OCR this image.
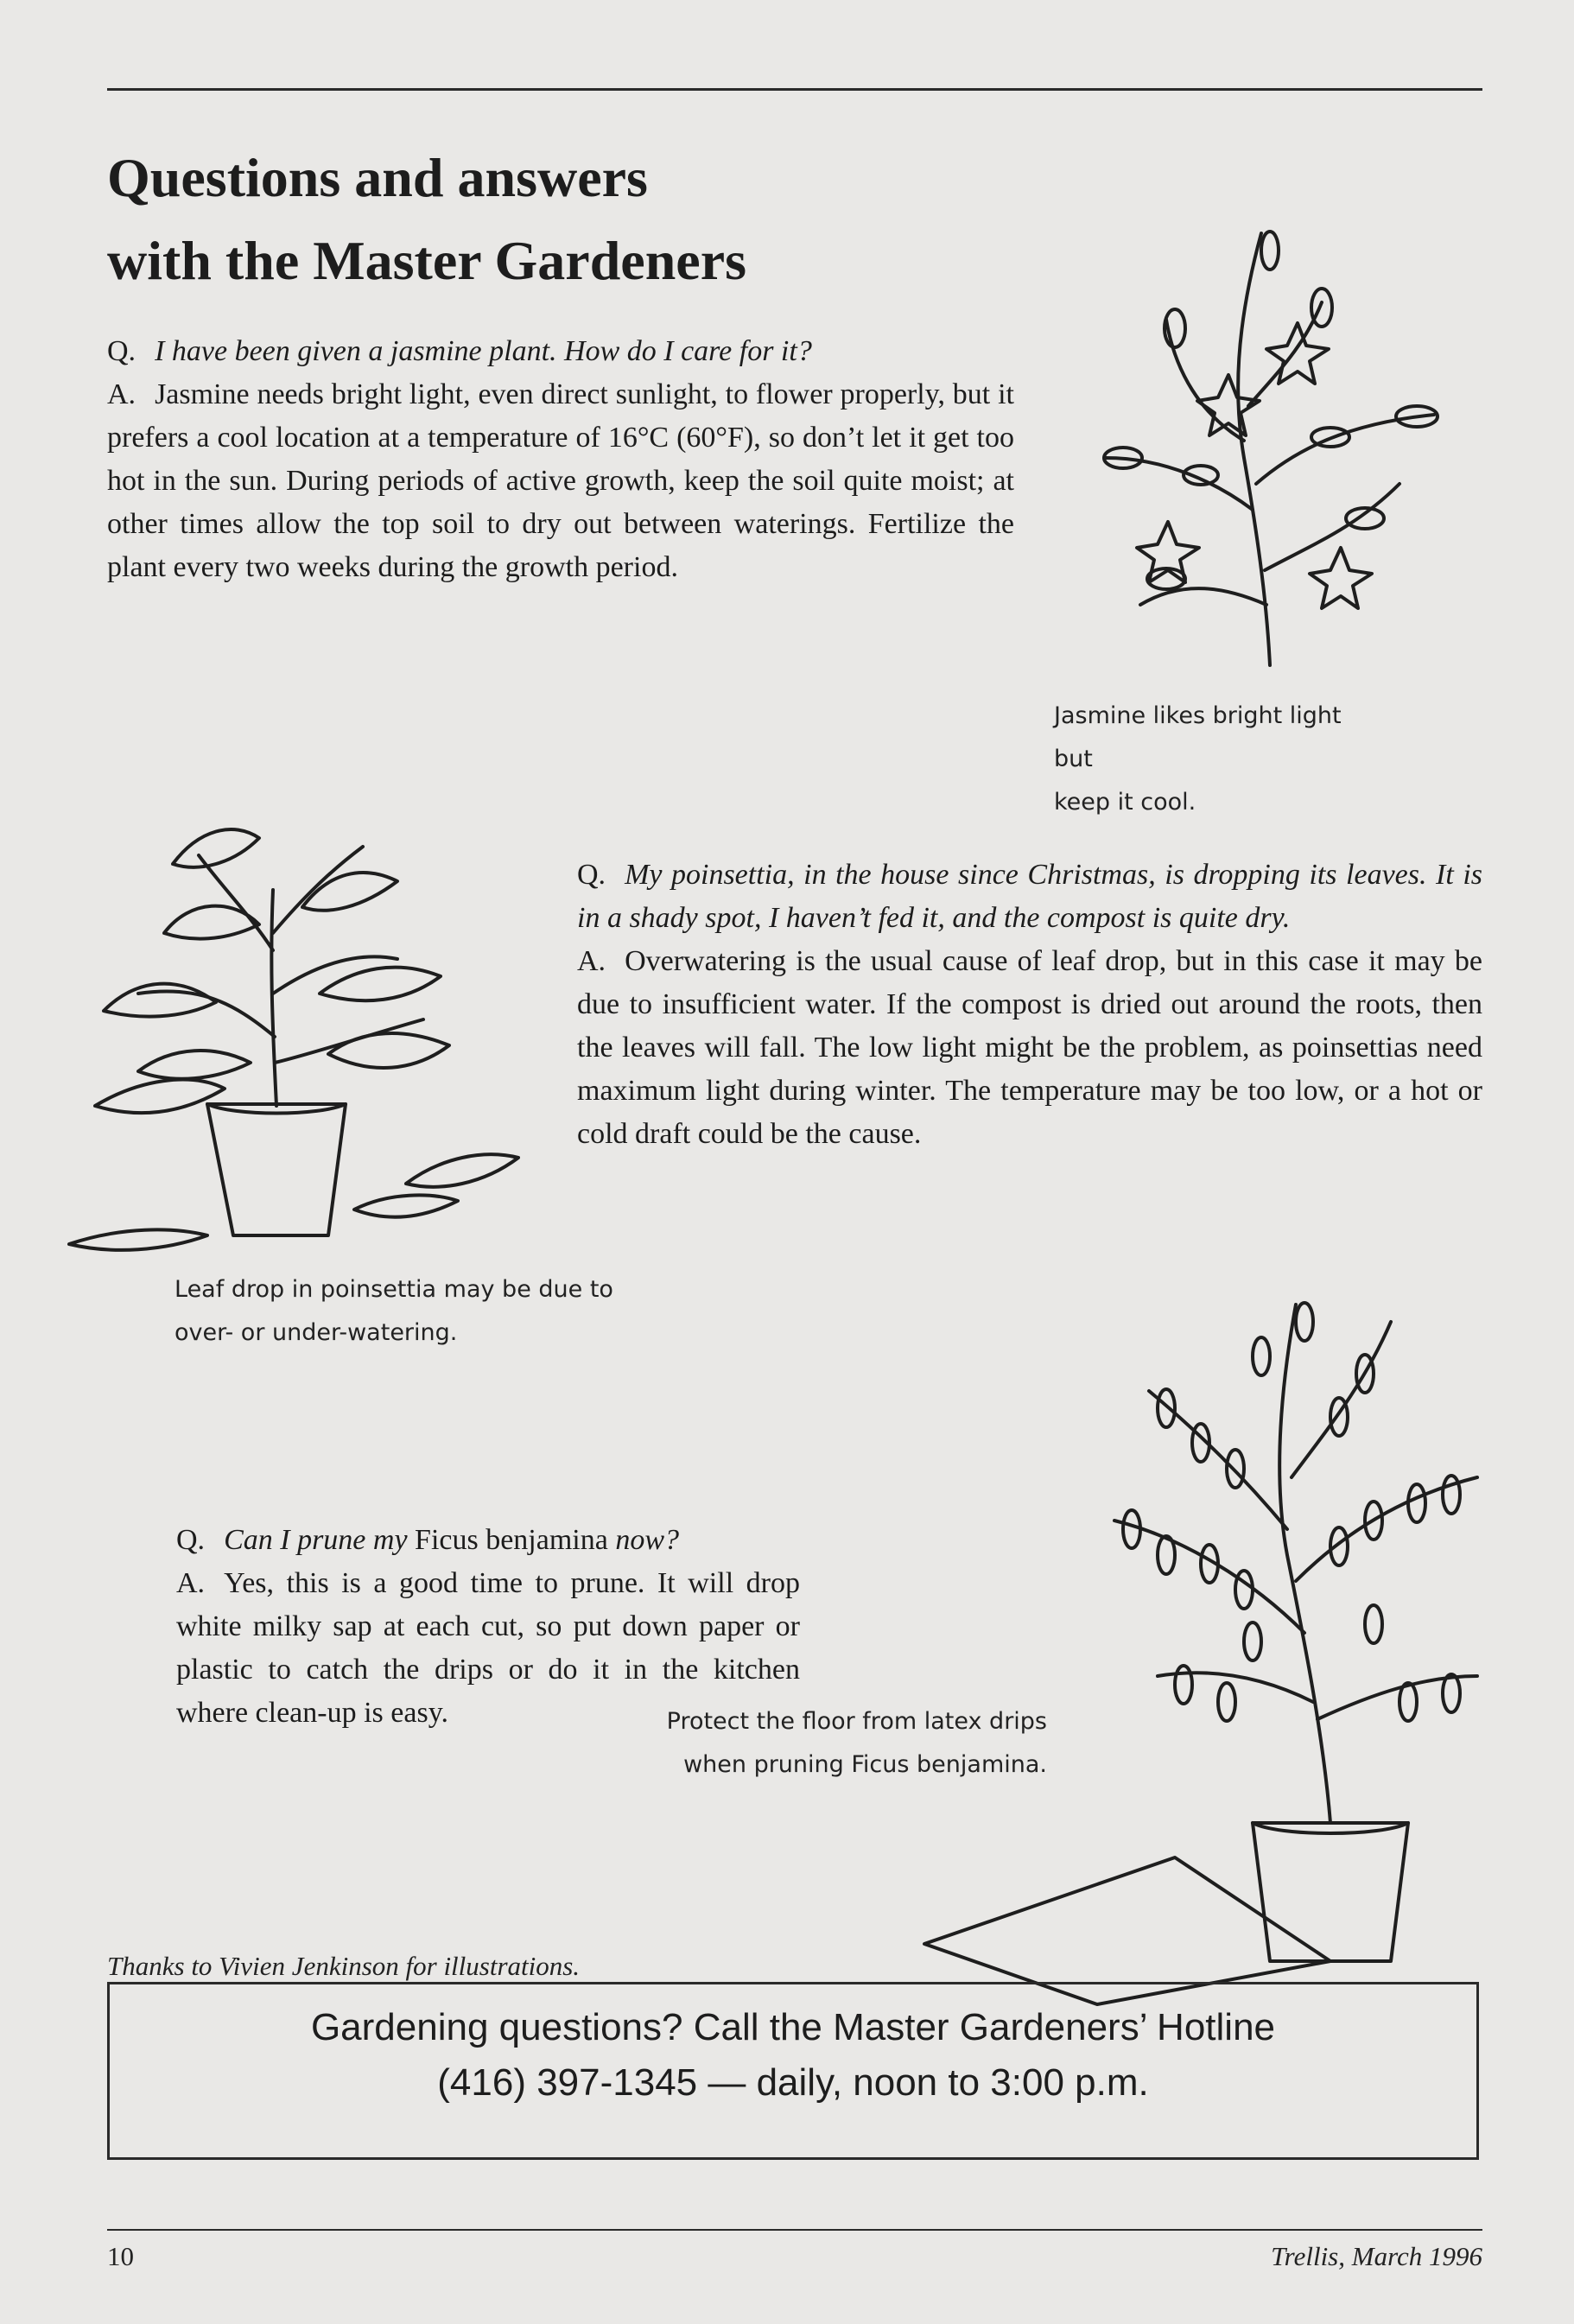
Questions and answers
with the Master Gardeners

Q. I have been given a jasmine plant. How do I care for it?

A. Jasmine needs bright light, even direct sunlight, to flower properly, but it prefers a cool location at a temperature of 16°C (60°F), so don’t let it get too hot in the sun. During periods of active growth, keep the soil quite moist; at other times allow the top soil to dry out between waterings. Fertilize the plant every two weeks during the growth period.

Jasmine likes bright light but
keep it cool.

Q. My poinsettia, in the house since Christmas, is dropping its leaves. It is in a shady spot, I haven’t fed it, and the compost is quite dry.

A. Overwatering is the usual cause of leaf drop, but in this case it may be due to insufficient water. If the compost is dried out around the roots, then the leaves will fall. The low light might be the problem, as poinsettias need maximum light during winter. The temperature may be too low, or a hot or cold draft could be the cause.

Leaf drop in poinsettia may be due to
over- or under-watering.

Q. Can I prune my Ficus benjamina now?

A. Yes, this is a good time to prune. It will drop white milky sap at each cut, so put down paper or plastic to catch the drips or do it in the kitchen where clean-up is easy.	Protect the floor from latex drips
when pruning Ficus benjamina.
Thanks to Vivien Jenkinson for illustrations.
Gardening questions? Call the Master Gardeners’ Hotline
(416) 397-1345 — daily, noon to 3:00 p.m.
10	Trellis, March 1996
